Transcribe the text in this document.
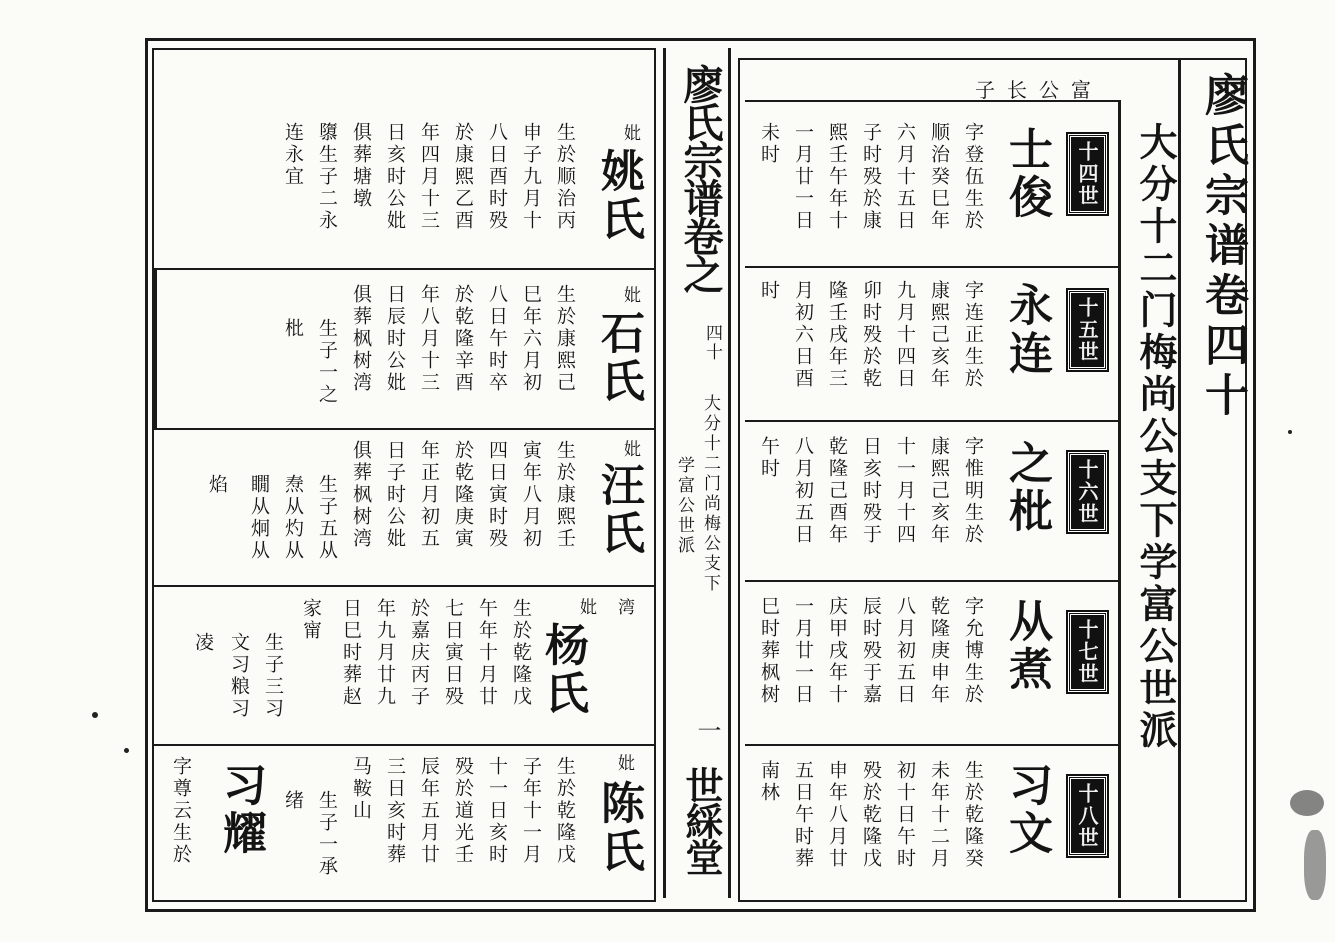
廖氏宗谱卷四十
大分十二门梅尚公支下学富公世派
富公长子
十四世
士俊
字登伍生於
顺治癸巳年
六月十五日
子时殁於康
熙壬午年十
一月廿一日
未时
十五世
永连
字连正生於
康熙己亥年
九月十四日
卯时殁於乾
隆壬戌年三
月初六日酉
时
十六世
之枇
字惟明生於
康熙己亥年
十一月十四
日亥时殁于
乾隆己酉年
八月初五日
午时
十七世
从煮
字允博生於
乾隆庚申年
八月初五日
辰时殁于嘉
庆甲戌年十
一月廿一日
巳时葬枫树
十八世
习文
生於乾隆癸
未年十二月
初十日午时
殁於乾隆戊
申年八月廿
五日午时葬
南林
廖氏宗谱卷之
四十
大分十二门尚梅公支下
学富公世派
一
世綵堂
妣
姚氏
生於顺治丙
申子九月十
八日酉时殁
於康熙乙酉
年四月十三
日亥时公妣
俱葬塘墩
隳生子二永
连永宜
妣
石氏
生於康熙己
巳年六月初
八日午时卒
於乾隆辛酉
年八月十三
日辰时公妣
俱葬枫树湾
生子一之
枇
妣
汪氏
生於康熙壬
寅年八月初
四日寅时殁
於乾隆庚寅
年正月初五
日子时公妣
俱葬枫树湾
生子五从
焘从灼从
瞯从炯从
焰
妣
杨氏
生於乾隆戊
午年十月廿
七日寅日殁
於嘉庆丙子
年九月廿九
日巳时葬赵
家甯
生子三习
文习粮习
凌
妣
陈氏
生於乾隆戊
子年十一月
十一日亥时
殁於道光壬
辰年五月廿
三日亥时葬
马鞍山
生子一承
绪
习耀
字尊云生於
湾
